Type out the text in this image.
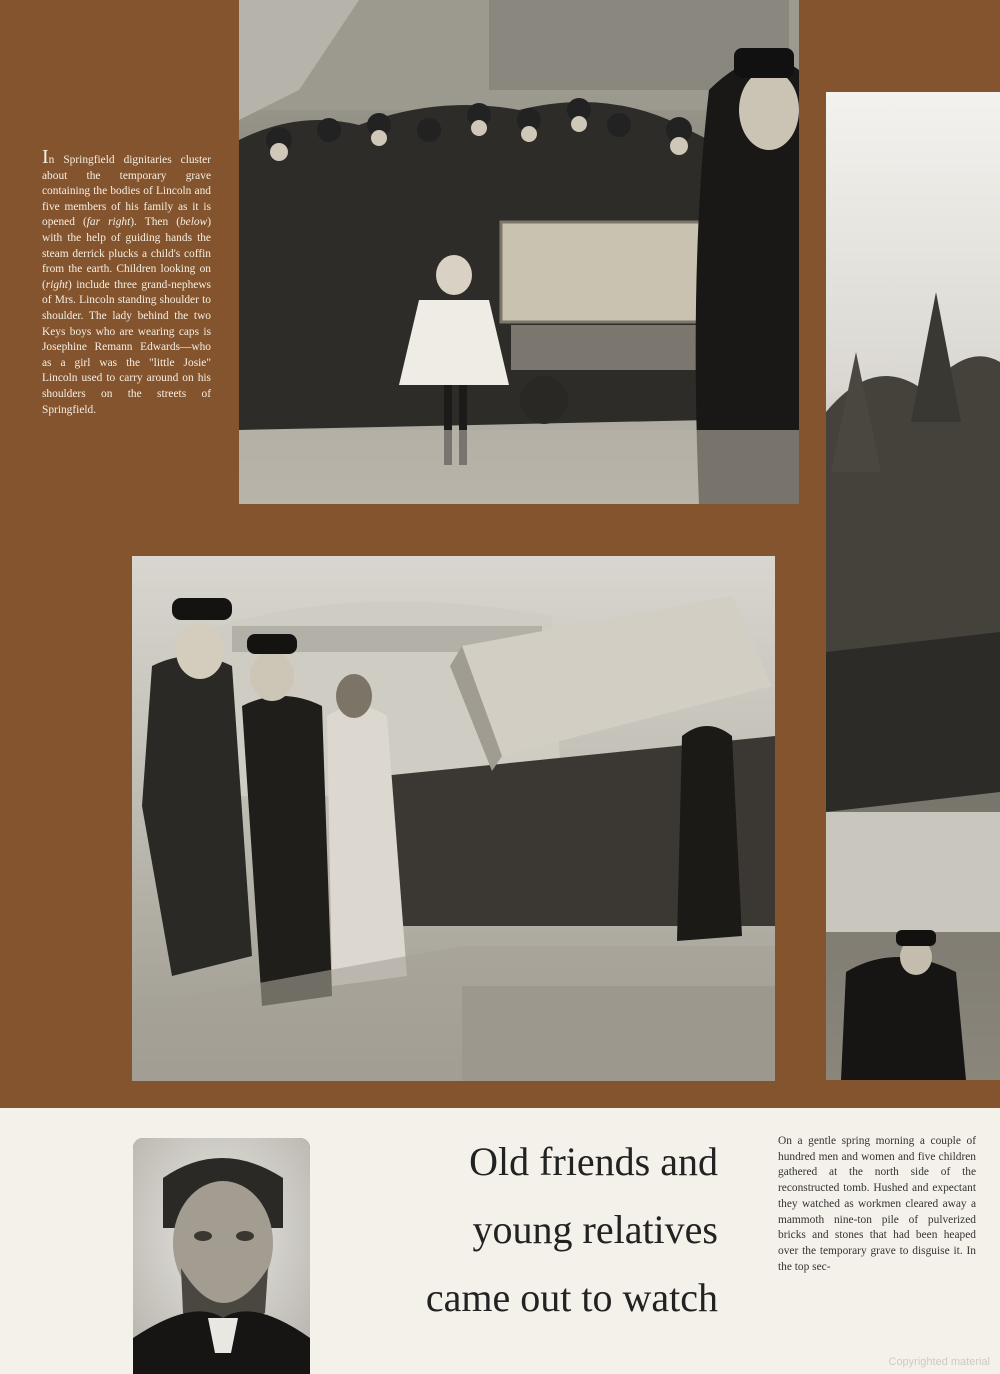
In Springfield dignitaries cluster about the temporary grave containing the bodies of Lincoln and five members of his family as it is opened (far right). Then (below) with the help of guiding hands the steam derrick plucks a child's coffin from the earth. Children looking on (right) include three grand-nephews of Mrs. Lincoln standing shoulder to shoulder. The lady behind the two Keys boys who are wearing caps is Josephine Remann Edwards—who as a girl was the "little Josie" Lincoln used to carry around on his shoulders on the streets of Springfield.
Old friends and
young relatives
came out to watch
On a gentle spring morning a couple of hundred men and women and five children gathered at the north side of the reconstructed tomb. Hushed and expectant they watched as workmen cleared away a mammoth nine-ton pile of pulverized bricks and stones that had been heaped over the temporary grave to disguise it. In the top sec-
Copyrighted material
